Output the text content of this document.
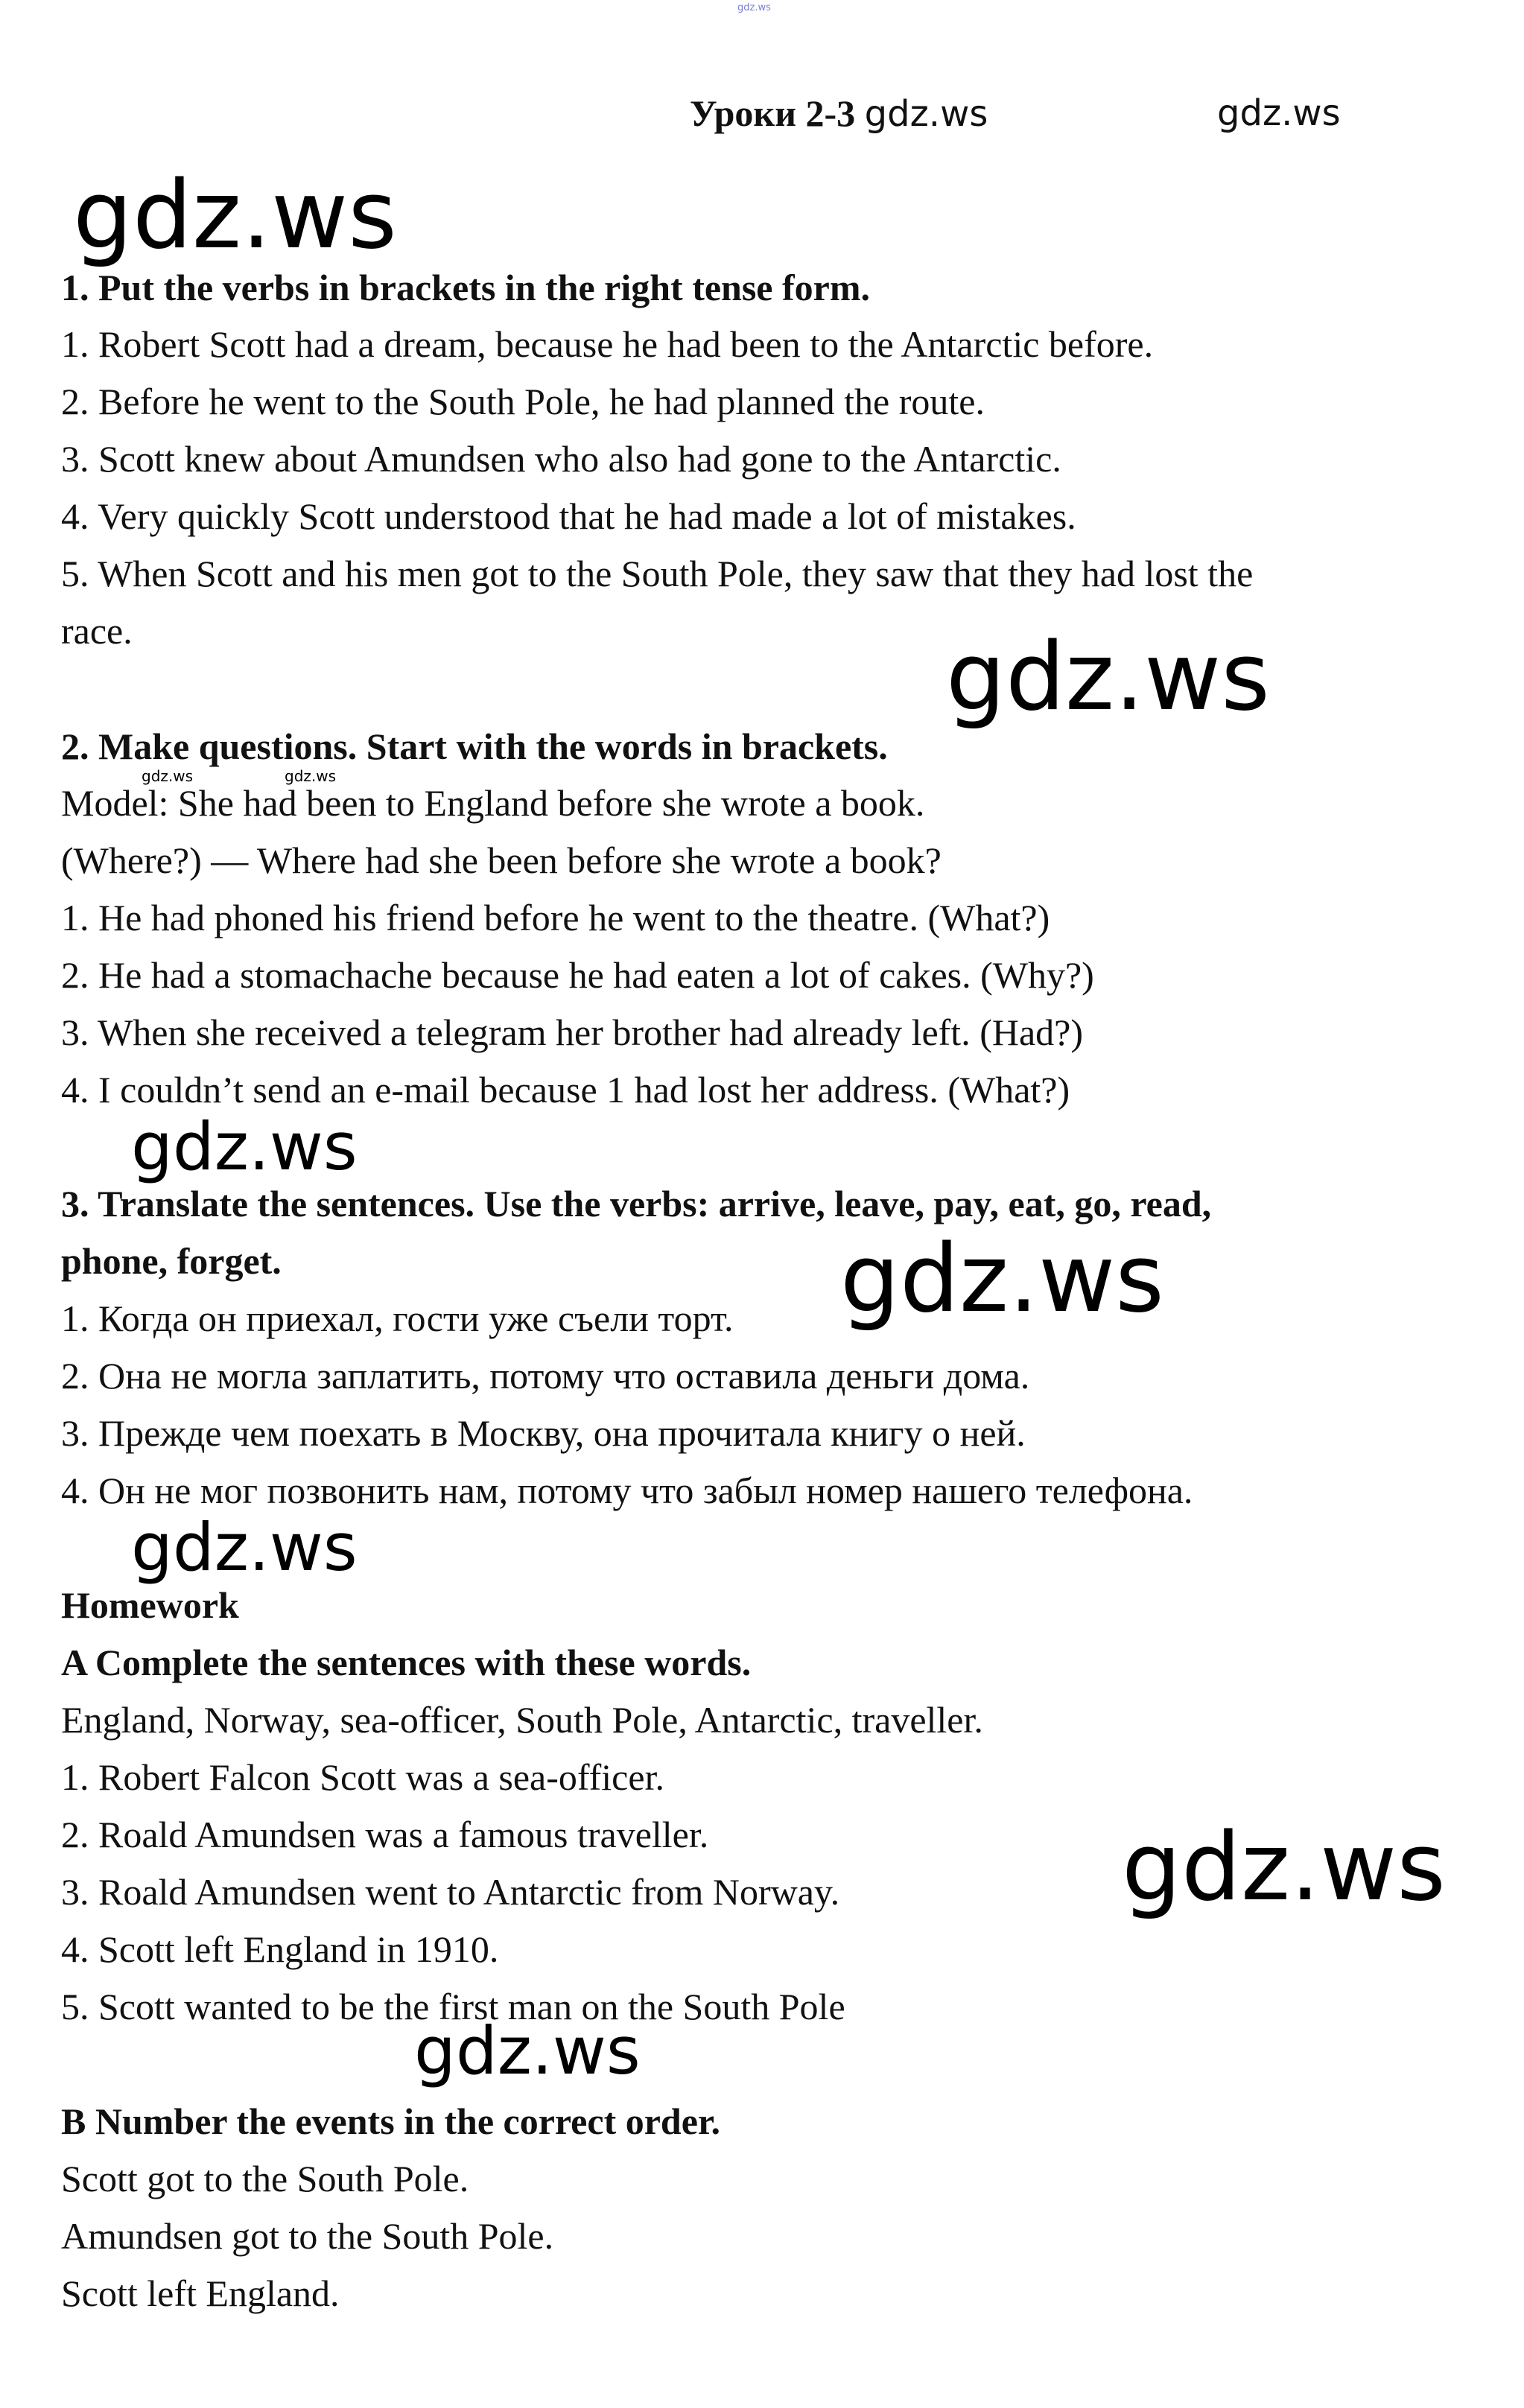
gdz.ws
Уроки 2-3 gdz.ws	gdz.ws
gdz.ws
gdz.ws
gdz.ws	gdz.ws
gdz.ws
gdz.ws
gdz.ws
gdz.ws
gdz.ws
1. Put the verbs in brackets in the right tense form.
1. Robert Scott had a dream, because he had been to the Antarctic before.
2. Before he went to the South Pole, he had planned the route.
3. Scott knew about Amundsen who also had gone to the Antarctic.
4. Very quickly Scott understood that he had made a lot of mistakes.
5. When Scott and his men got to the South Pole, they saw that they had lost the
race.
2. Make questions. Start with the words in brackets.
Model: She had been to England before she wrote a book.
(Where?) — Where had she been before she wrote a book?
1. He had phoned his friend before he went to the theatre. (What?)
2. He had a stomachache because he had eaten a lot of cakes. (Why?)
3. When she received a telegram her brother had already left. (Had?)
4. I couldn’t send an e-mail because 1 had lost her address. (What?)
3. Translate the sentences. Use the verbs: arrive, leave, pay, eat, go, read,
phone, forget.
1. Когда он приехал, гости уже съели торт.
2. Она не могла заплатить, потому что оставила деньги дома.
3. Прежде чем поехать в Москву, она прочитала книгу о ней.
4. Он не мог позвонить нам, потому что забыл номер нашего телефона.
Homework
A Complete the sentences with these words.
England, Norway, sea-officer, South Pole, Antarctic, traveller.
1. Robert Falcon Scott was a sea-officer.
2. Roald Amundsen was a famous traveller.
3. Roald Amundsen went to Antarctic from Norway.
4. Scott left England in 1910.
5. Scott wanted to be the first man on the South Pole
B Number the events in the correct order.
Scott got to the South Pole.
Amundsen got to the South Pole.
Scott left England.
